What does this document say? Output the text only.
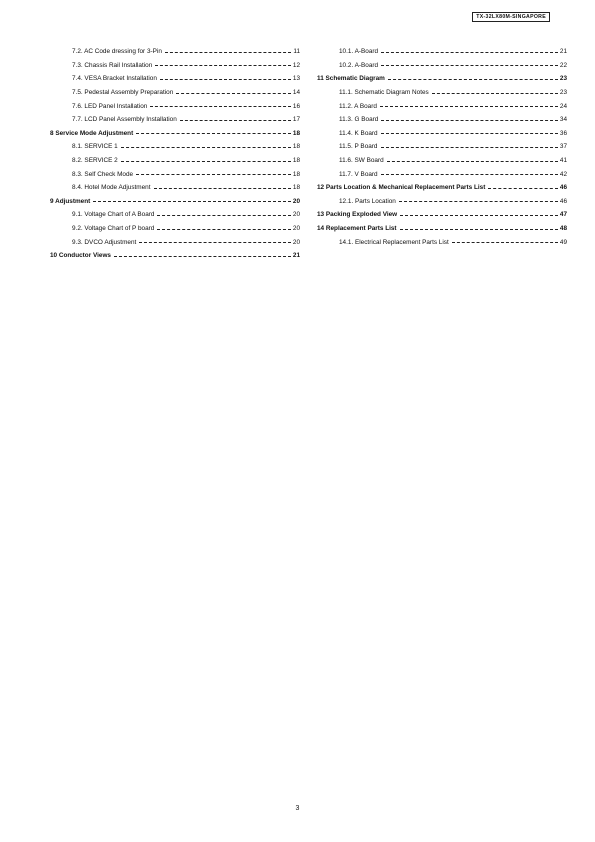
TX-32LX80M-SINGAPORE
7.2. AC Code dressing for 3-Pin	11
7.3. Chassis Rail Installation	12
7.4. VESA Bracket Installation	13
7.5. Pedestal Assembly Preparation	14
7.6. LED Panel Installation	16
7.7. LCD Panel Assembly Installation	17
8 Service Mode Adjustment	18
8.1. SERVICE 1	18
8.2. SERVICE 2	18
8.3. Self Check Mode	18
8.4. Hotel Mode Adjustment	18
9 Adjustment	20
9.1. Voltage Chart of A Board	20
9.2. Voltage Chart of P board	20
9.3. DVCO Adjustment	20
10 Conductor Views	21
10.1. A-Board	21
10.2. A-Board	22
11 Schematic Diagram	23
11.1. Schematic Diagram Notes	23
11.2. A Board	24
11.3. G Board	34
11.4. K Board	36
11.5. P Board	37
11.6. SW Board	41
11.7. V Board	42
12 Parts Location & Mechanical Replacement Parts List	46
12.1. Parts Location	46
13 Packing Exploded View	47
14 Replacement Parts List	48
14.1. Electrical Replacement Parts List	49
3
